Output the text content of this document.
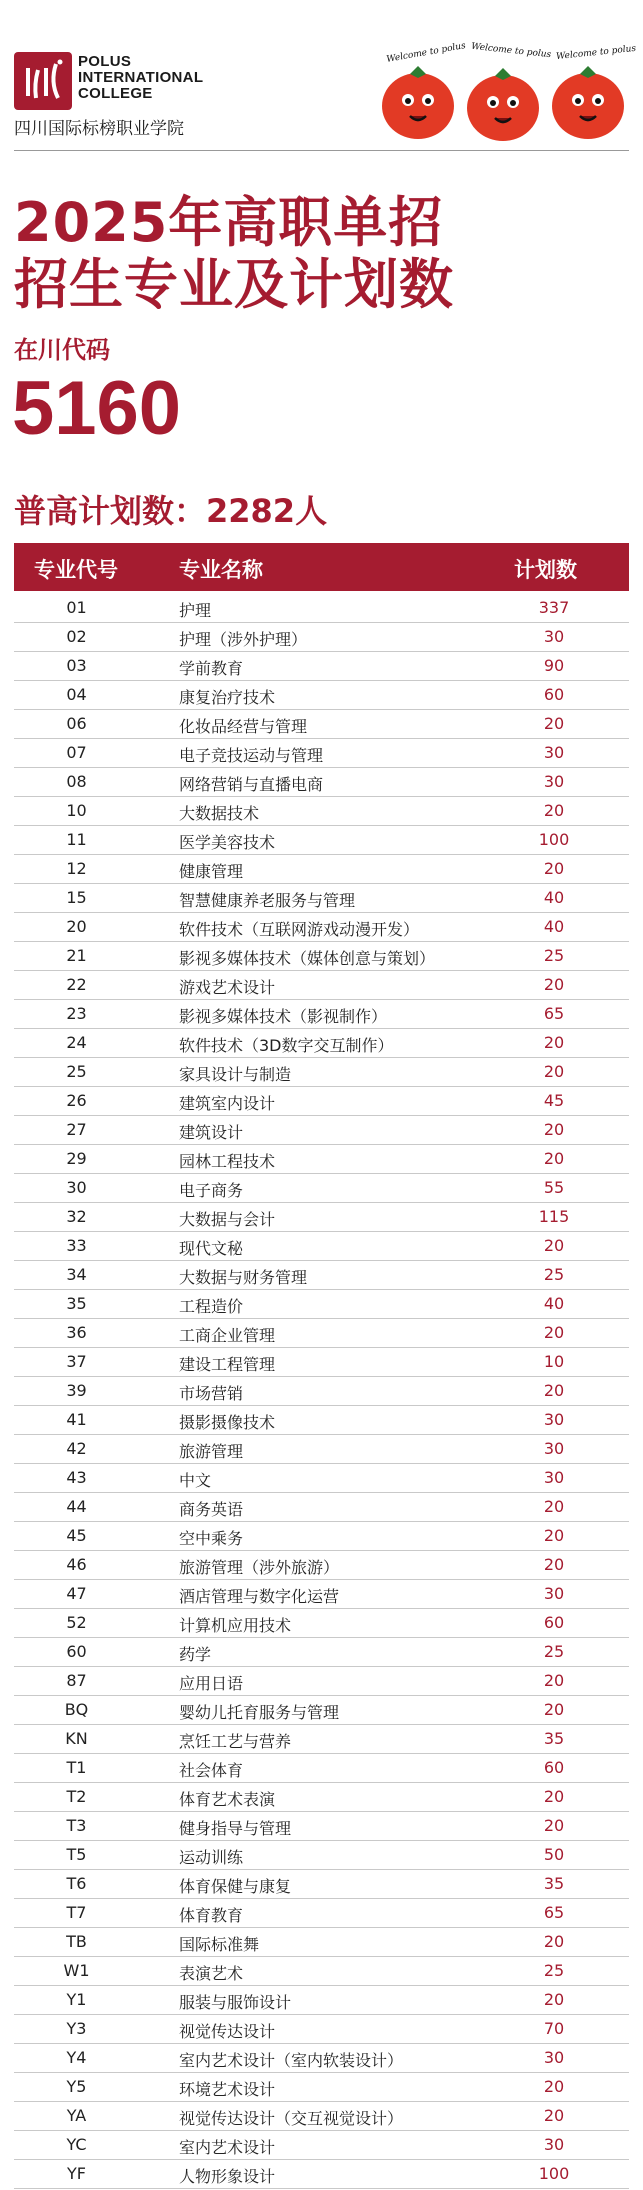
POLUS
INTERNATIONAL
COLLEGE
四川国际标榜职业学院
Welcome to polus Welcome to polus Welcome to polus
2025年高职单招
招生专业及计划数
在川代码
5160
普高计划数：2282人
专业代号	专业名称	计划数
01	护理	337
02	护理（涉外护理）	30
03	学前教育	90
04	康复治疗技术	60
06	化妆品经营与管理	20
07	电子竞技运动与管理	30
08	网络营销与直播电商	30
10	大数据技术	20
11	医学美容技术	100
12	健康管理	20
15	智慧健康养老服务与管理	40
20	软件技术（互联网游戏动漫开发）	40
21	影视多媒体技术（媒体创意与策划）	25
22	游戏艺术设计	20
23	影视多媒体技术（影视制作）	65
24	软件技术（3D数字交互制作）	20
25	家具设计与制造	20
26	建筑室内设计	45
27	建筑设计	20
29	园林工程技术	20
30	电子商务	55
32	大数据与会计	115
33	现代文秘	20
34	大数据与财务管理	25
35	工程造价	40
36	工商企业管理	20
37	建设工程管理	10
39	市场营销	20
41	摄影摄像技术	30
42	旅游管理	30
43	中文	30
44	商务英语	20
45	空中乘务	20
46	旅游管理（涉外旅游）	20
47	酒店管理与数字化运营	30
52	计算机应用技术	60
60	药学	25
87	应用日语	20
BQ	婴幼儿托育服务与管理	20
KN	烹饪工艺与营养	35
T1	社会体育	60
T2	体育艺术表演	20
T3	健身指导与管理	20
T5	运动训练	50
T6	体育保健与康复	35
T7	体育教育	65
TB	国际标准舞	20
W1	表演艺术	25
Y1	服装与服饰设计	20
Y3	视觉传达设计	70
Y4	室内艺术设计（室内软装设计）	30
Y5	环境艺术设计	20
YA	视觉传达设计（交互视觉设计）	20
YC	室内艺术设计	30
YF	人物形象设计	100
